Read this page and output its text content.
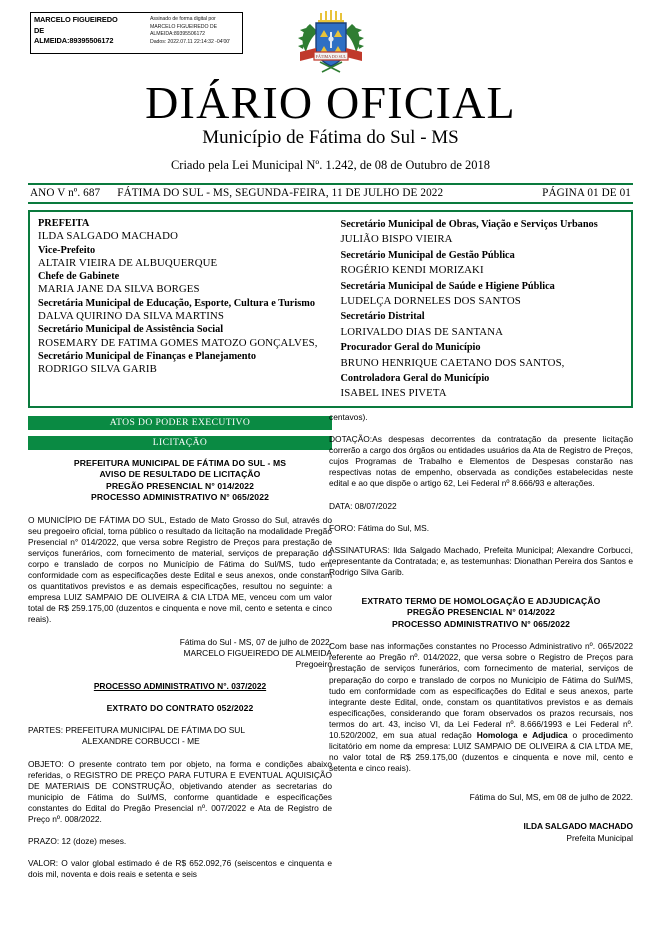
MARCELO FIGUEIREDO
DE
ALMEIDA:89395506172
Assinado de forma digital por
MARCELO FIGUEIREDO DE
ALMEIDA:89395506172
Dados: 2022.07.11 22:14:32 -04'00'
FÁTIMA DO SUL
DIÁRIO OFICIAL
Município de Fátima do Sul - MS
Criado pela Lei Municipal Nº. 1.242, de 08 de Outubro de 2018
ANO V nº. 687 FÁTIMA DO SUL - MS, SEGUNDA-FEIRA, 11 DE JULHO DE 2022	PÁGINA 01 DE 01
PREFEITA
ILDA SALGADO MACHADO
Vice-Prefeito
ALTAIR VIEIRA DE ALBUQUERQUE
Chefe de Gabinete
MARIA JANE DA SILVA BORGES
Secretária Municipal de Educação, Esporte, Cultura e Turismo
DALVA QUIRINO DA SILVA MARTINS
Secretário Municipal de Assistência Social
ROSEMARY DE FATIMA GOMES MATOZO GONÇALVES,
Secretário Municipal de Finanças e Planejamento
RODRIGO SILVA GARIB
Secretário Municipal de Obras, Viação e Serviços Urbanos
JULIÃO BISPO VIEIRA
Secretário Municipal de Gestão Pública
ROGÉRIO KENDI MORIZAKI
Secretária Municipal de Saúde e Higiene Pública
LUDELÇA DORNELES DOS SANTOS
Secretário Distrital
LORIVALDO DIAS DE SANTANA
Procurador Geral do Município
BRUNO HENRIQUE CAETANO DOS SANTOS,
Controladora Geral do Município
ISABEL INES PIVETA
ATOS DO PODER EXECUTIVO
LICITAÇÃO
PREFEITURA MUNICIPAL DE FÁTIMA DO SUL - MS
AVISO DE RESULTADO DE LICITAÇÃO
PREGÃO PRESENCIAL N° 014/2022
PROCESSO ADMINISTRATIVO N° 065/2022
O MUNICÍPIO DE FÁTIMA DO SUL, Estado de Mato Grosso do Sul, através do seu pregoeiro oficial, torna público o resultado da licitação na modalidade Pregão Presencial n° 014/2022, que versa sobre Registro de Preços para prestação de serviços funerários, com fornecimento de material, serviços de preparação do corpo e translado de corpos no Município de Fátima do Sul/MS, tudo em conformidade com as especificações deste Edital e seus anexos, onde constam os quantitativos previstos e as demais especificações, resultou no seguinte: a empresa LUIZ SAMPAIO DE OLIVEIRA & CIA LTDA ME, venceu com um valor total de R$ 259.175,00 (duzentos e cinquenta e nove mil, cento e setenta e cinco reais).
Fátima do Sul - MS, 07 de julho de 2022.
MARCELO FIGUEIREDO DE ALMEIDA
Pregoeiro
PROCESSO ADMINISTRATIVO N°. 037/2022
EXTRATO DO CONTRATO 052/2022
PARTES: PREFEITURA MUNICIPAL DE FÁTIMA DO SUL
ALEXANDRE CORBUCCI - ME
OBJETO: O presente contrato tem por objeto, na forma e condições abaixo referidas, o REGISTRO DE PREÇO PARA FUTURA E EVENTUAL AQUISIÇÃO DE MATERIAIS DE CONSTRUÇÃO, objetivando atender as secretarias do municipio de Fátima do Sul/MS, conforme quantidade e especificações constantes do Edital do Pregão Presencial nº. 007/2022 e Ata de Registro de Preço nº. 008/2022.
PRAZO: 12 (doze) meses.
VALOR: O valor global estimado é de R$ 652.092,76 (seiscentos e cinquenta e dois mil, noventa e dois reais e setenta e seis
centavos).
DOTAÇÃO:As despesas decorrentes da contratação da presente licitação correrão a cargo dos órgãos ou entidades usuários da Ata de Registro de Preços, cujos Programas de Trabalho e Elementos de Despesas constarão nas respectivas notas de empenho, observada as condições estabelecidas neste edital e ao que dispõe o artigo 62, Lei Federal nº 8.666/93 e alterações.
DATA: 08/07/2022
FORO: Fátima do Sul, MS.
ASSINATURAS: Ilda Salgado Machado, Prefeita Municipal; Alexandre Corbucci, representante da Contratada; e, as testemunhas: Dionathan Pereira dos Santos e Rodrigo Silva Garib.
EXTRATO TERMO DE HOMOLOGAÇÃO E ADJUDICAÇÃO
PREGÃO PRESENCIAL N° 014/2022
PROCESSO ADMINISTRATIVO N° 065/2022
Com base nas informações constantes no Processo Administrativo nº. 065/2022 referente ao Pregão nº. 014/2022, que versa sobre o Registro de Preços para prestação de serviços funerários, com fornecimento de material, serviços de preparação do corpo e translado de corpos no Municipio de Fátima do Sul/MS, tudo em conformidade com as especificações do Edital e seus anexos, parte integrante deste Edital, onde, constam os quantitativos previstos e as demais especificações, considerando que foram observados os prazos recursais, nos termos do art. 43, inciso VI, da Lei Federal nº. 8.666/1993 e Lei Federal nº. 10.520/2002, em sua atual redação Homologa e Adjudica o procedimento licitatório em nome da empresa: LUIZ SAMPAIO DE OLIVEIRA & CIA LTDA ME, no valor total de R$ 259.175,00 (duzentos e cinquenta e nove mil, cento e setenta e cinco reais).
Fátima do Sul, MS, em 08 de julho de 2022.
ILDA SALGADO MACHADO
Prefeita Municipal
